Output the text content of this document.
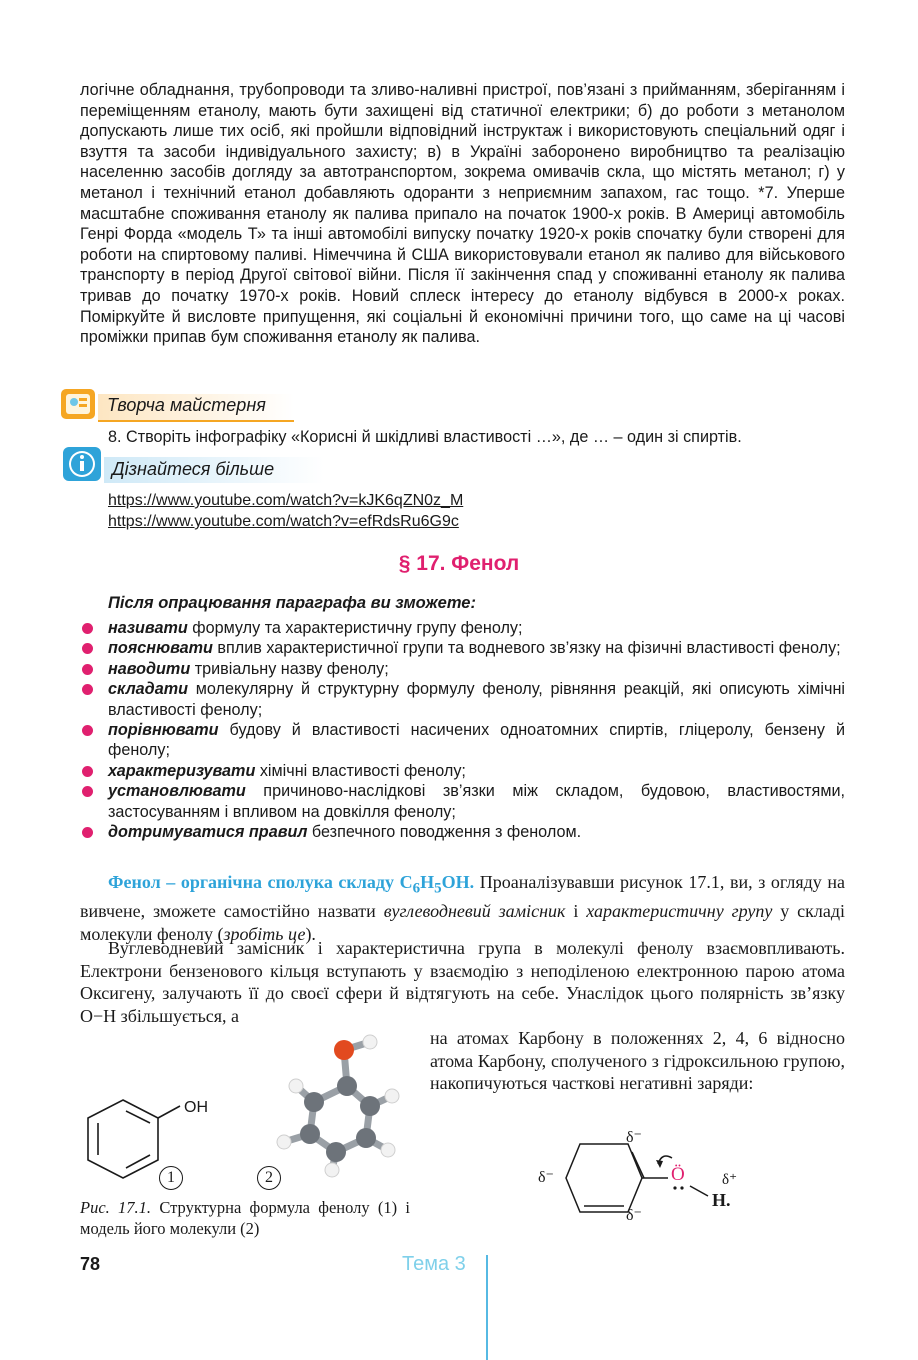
логічне обладнання, трубопроводи та зливо-наливні пристрої, пов’язані з прийманням, зберіганням і переміщенням етанолу, мають бути захищені від статичної електрики; б) до роботи з метанолом допускають лише тих осіб, які пройшли відповідний інструктаж і використовують спеціальний одяг і взуття та засоби індивідуального захисту; в) в Україні заборонено виробництво та реалізацію населенню засобів догляду за автотранспортом, зокрема омивачів скла, що містять метанол; г) у метанол і технічний етанол добавляють одоранти з неприємним запахом, гас тощо. *7. Уперше масштабне споживання етанолу як палива припало на початок 1900-х років. В Америці автомобіль Генрі Форда «модель Т» та інші автомобілі випуску початку 1920-х років спочатку були створені для роботи на спиртовому паливі. Німеччина й США використовували етанол як паливо для військового транспорту в період Другої світової війни. Після її закінчення спад у споживанні етанолу як палива тривав до початку 1970-х років. Новий сплеск інтересу до етанолу відбувся в 2000-х роках. Поміркуйте й висловте припущення, які соціальні й економічні причини того, що саме на ці часові проміжки припав бум споживання етанолу як палива.

Творча майстерня
8. Створіть інфографіку «Корисні й шкідливі властивості …», де … – один зі спиртів.
Дізнайтеся більше
https://www.youtube.com/watch?v=kJK6qZN0z_M
https://www.youtube.com/watch?v=efRdsRu6G9c
§ 17. Фенол
Після опрацювання параграфа ви зможете:
називати формулу та характеристичну групу фенолу;
пояснювати вплив характеристичної групи та водневого зв’язку на фізичні властивості фенолу;
наводити тривіальну назву фенолу;
складати молекулярну й структурну формулу фенолу, рівняння реакцій, які описують хімічні властивості фенолу;
порівнювати будову й властивості насичених одноатомних спиртів, гліцеролу, бензену й фенолу;
характеризувати хімічні властивості фенолу;
установлювати причиново-наслідкові зв’язки між складом, будовою, властивостями, застосуванням і впливом на довкілля фенолу;
дотримуватися правил безпечного поводження з фенолом.
Фенол – органічна сполука складу $C_6H_5OH$. Проаналізувавши рисунок 17.1, ви, з огляду на вивчене, зможете самостійно назвати вуглеводневий замісник і характеристичну групу у складі молекули фенолу (зробіть це).
Вуглеводневий замісник і характеристична група в молекулі фенолу взаємовпливають. Електрони бензенового кільця вступають у взаємодію з неподіленою електронною парою атома Оксигену, залучають її до своєї сфери й відтягують на себе. Унаслідок цього полярність зв’язку O−H збільшується, а
на атомах Карбону в положеннях 2, 4, 6 відносно атома Карбону, сполученого з гідроксильною групою, накопичуються часткові негативні заряди:
OH
1	2
Рис. 17.1. Структурна формула фенолу (1) і модель його молекули (2)
δ⁻
δ⁻
δ⁻
Ö δ⁺
H.
78	Тема 3
